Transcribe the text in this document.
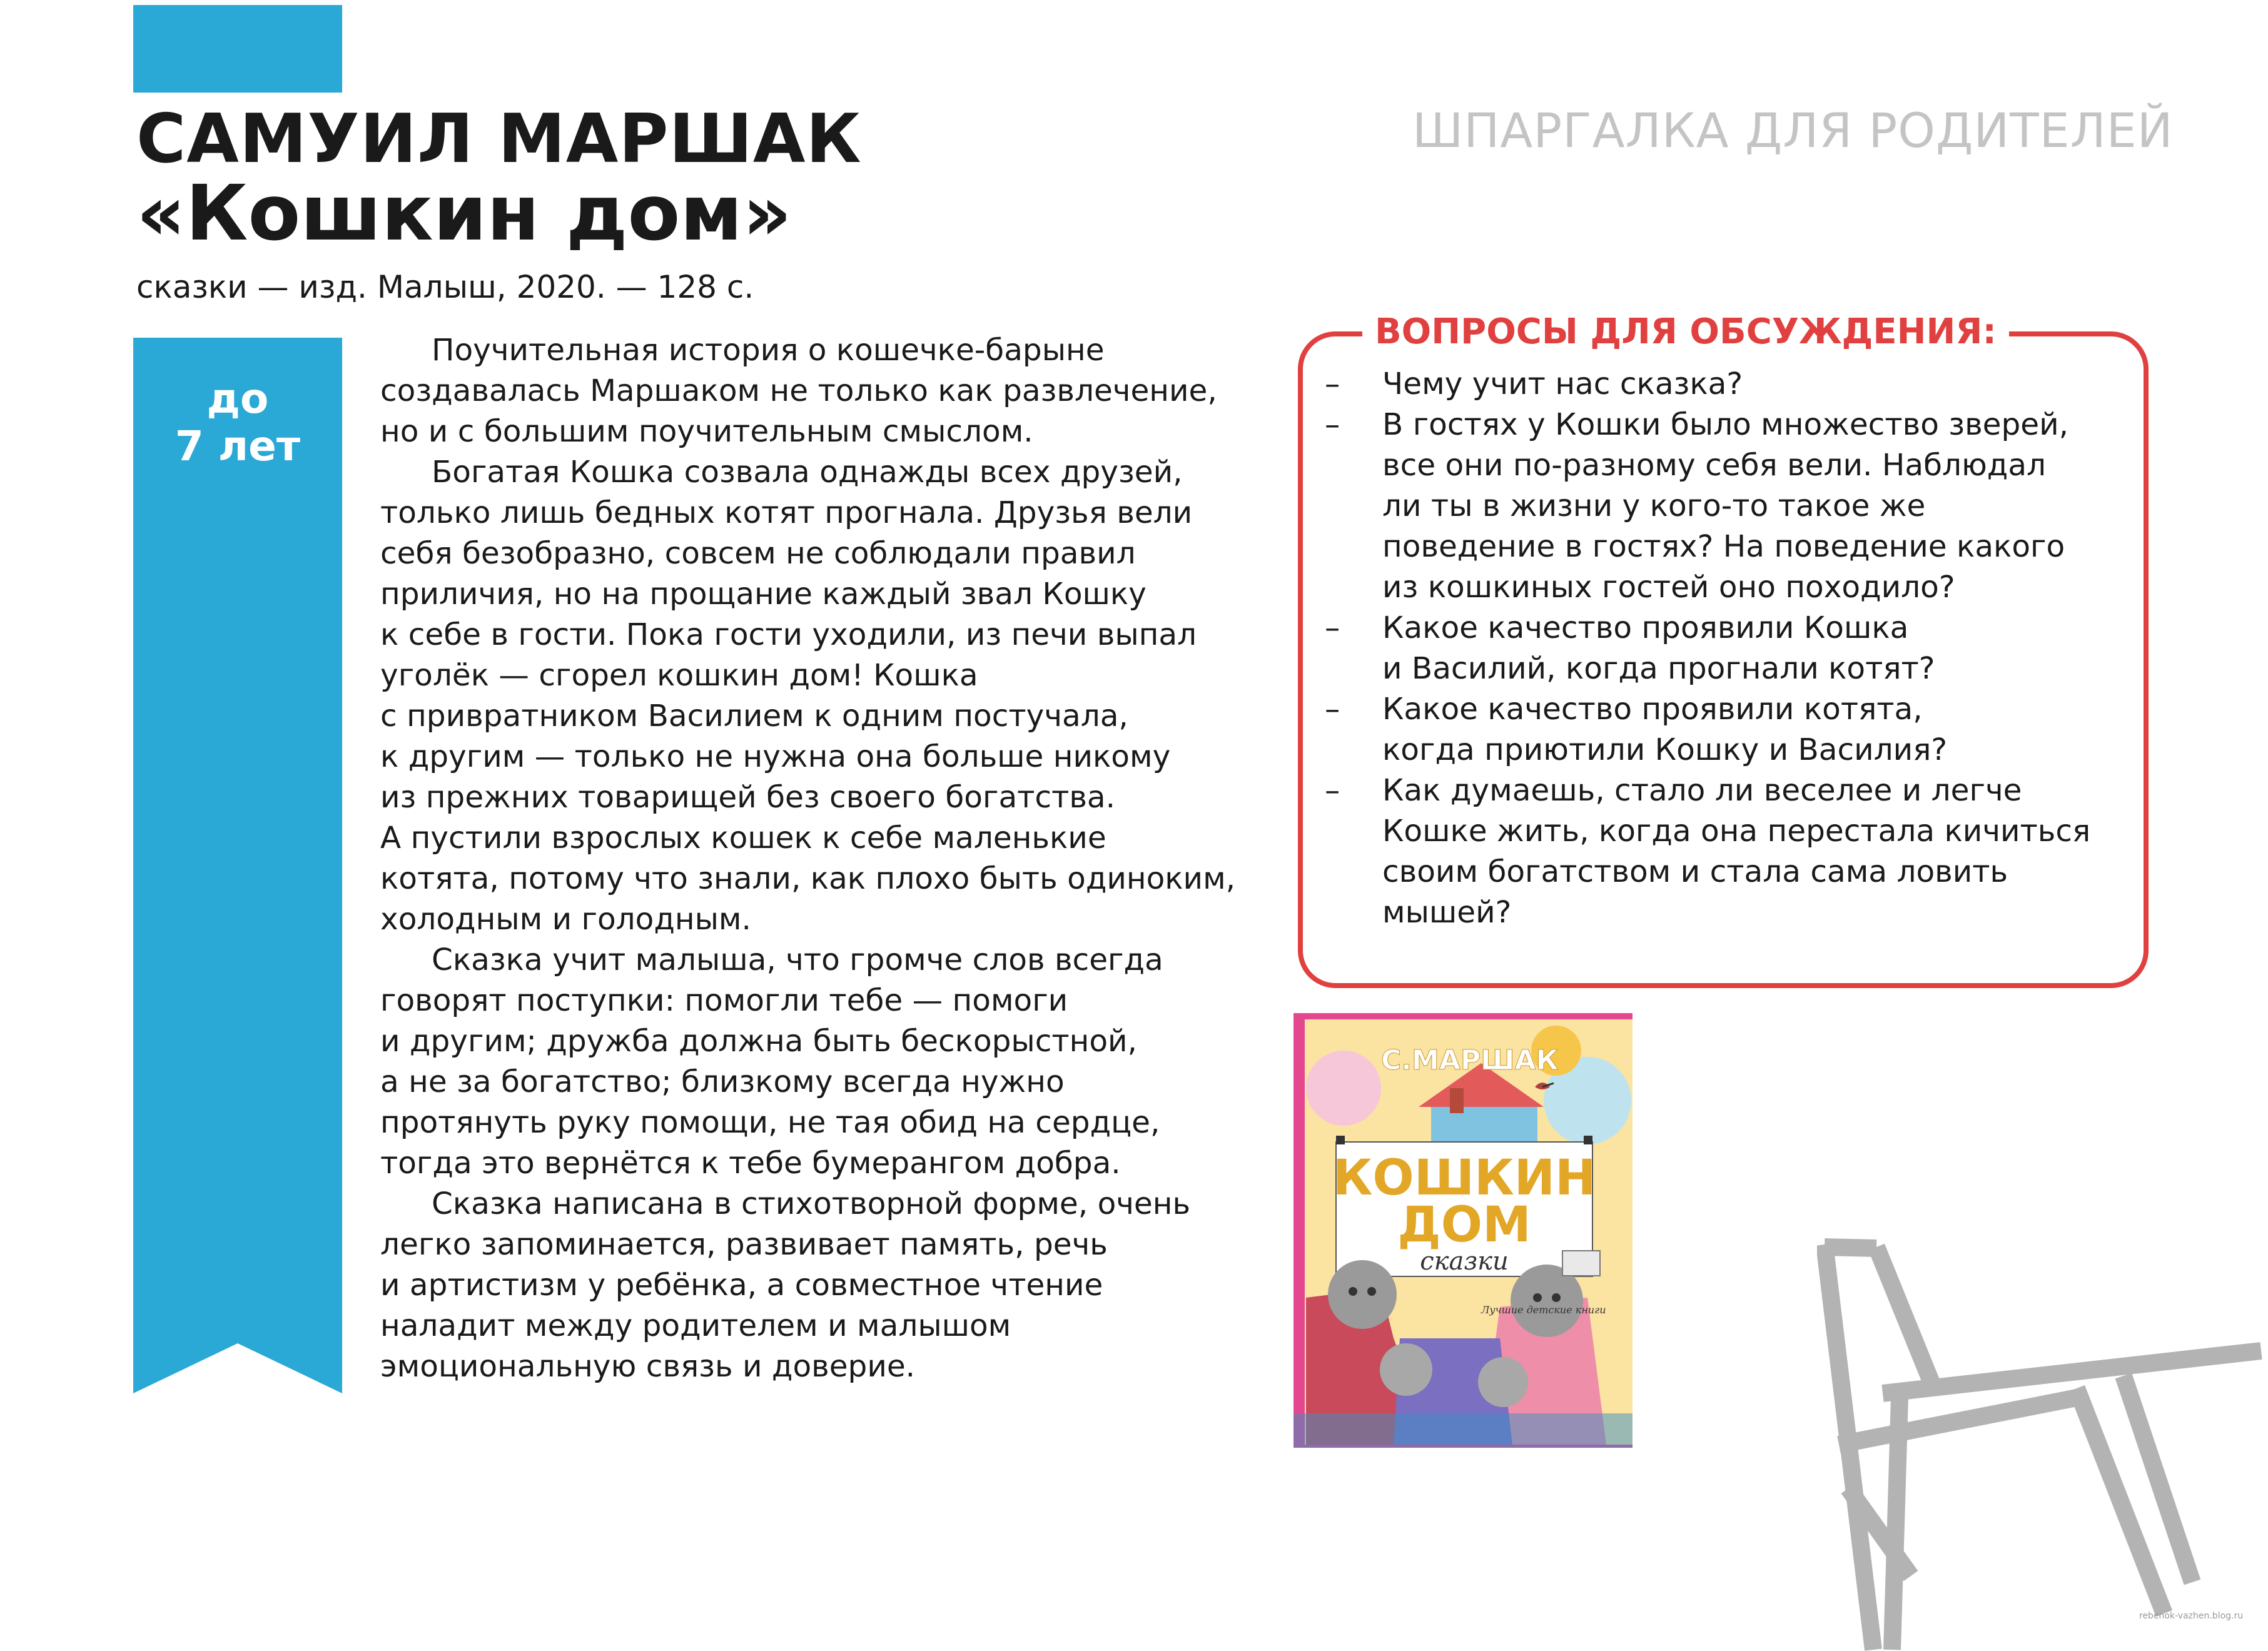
САМУИЛ МАРШАК
«Кошкин дом»
сказки — изд. Малыш, 2020. — 128 с.
ШПАРГАЛКА ДЛЯ РОДИТЕЛЕЙ
до
7 лет
Поучительная история о кошечке-барыне
создавалась Маршаком не только как развлечение,
но и с большим поучительным смыслом.
Богатая Кошка созвала однажды всех друзей,
только лишь бедных котят прогнала. Друзья вели
себя безобразно, совсем не соблюдали правил
приличия, но на прощание каждый звал Кошку
к себе в гости. Пока гости уходили, из печи выпал
уголёк — сгорел кошкин дом! Кошка
с привратником Василием к одним постучала,
к другим — только не нужна она больше никому
из прежних товарищей без своего богатства.
А пустили взрослых кошек к себе маленькие
котята, потому что знали, как плохо быть одиноким,
холодным и голодным.
Сказка учит малыша, что громче слов всегда
говорят поступки: помогли тебе — помоги
и другим; дружба должна быть бескорыстной,
а не за богатство; близкому всегда нужно
протянуть руку помощи, не тая обид на сердце,
тогда это вернётся к тебе бумерангом добра.
Сказка написана в стихотворной форме, очень
легко запоминается, развивает память, речь
и артистизм у ребёнка, а совместное чтение
наладит между родителем и малышом
эмоциональную связь и доверие.
ВОПРОСЫ ДЛЯ ОБСУЖДЕНИЯ:
– Чему учит нас сказка?
– В гостях у Кошки было множество зверей,
все они по-разному себя вели. Наблюдал
ли ты в жизни у кого-то такое же
поведение в гостях? На поведение какого
из кошкиных гостей оно походило?
– Какое качество проявили Кошка
и Василий, когда прогнали котят?
– Какое качество проявили котята,
когда приютили Кошку и Василия?
– Как думаешь, стало ли веселее и легче
Кошке жить, когда она перестала кичиться
своим богатством и стала сама ловить
мышей?
С.МАРШАК
КОШКИН
ДОМ
сказки
Лучшие детские книги
rebenok-vazhen.blog.ru
